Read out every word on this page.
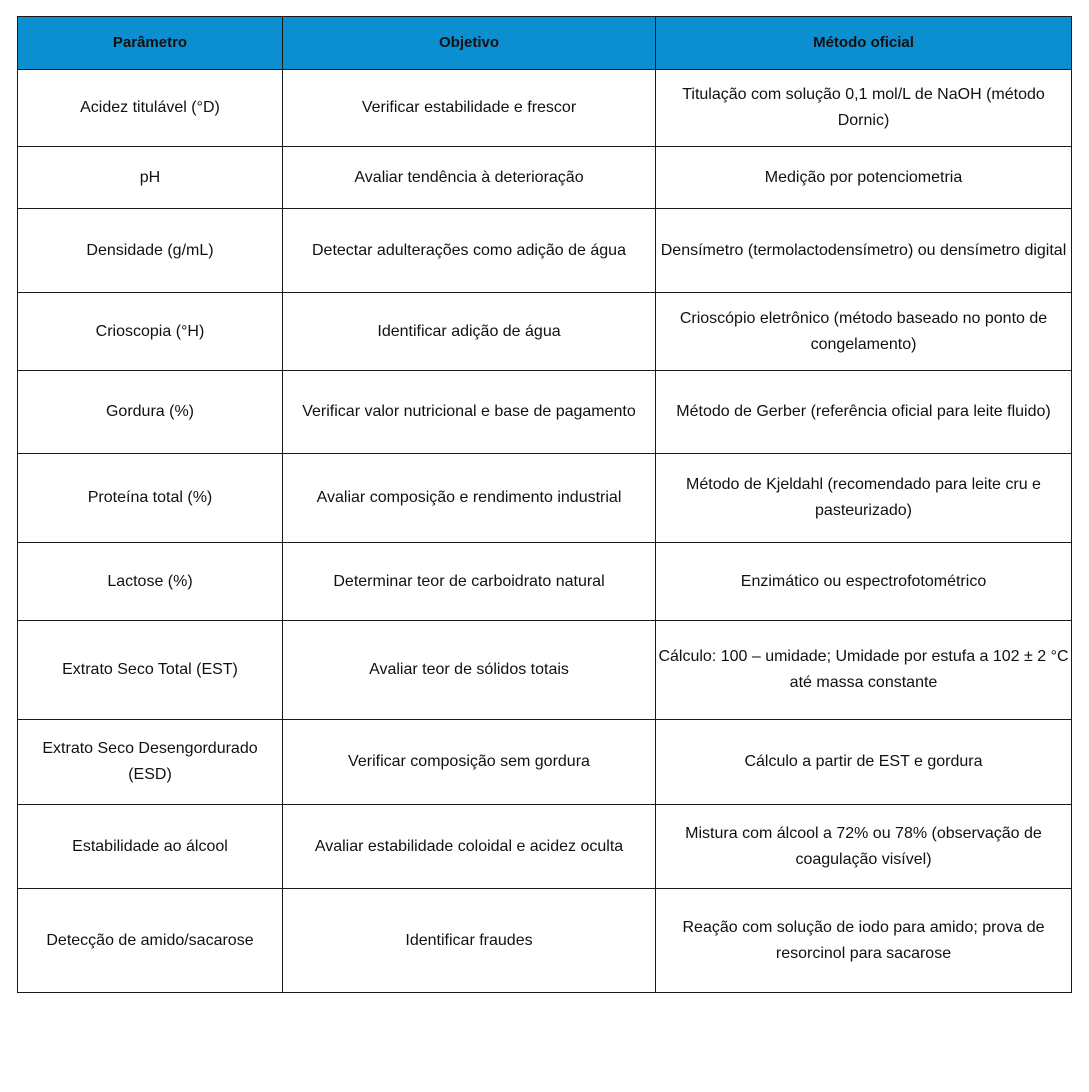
Parâmetro	Objetivo	Método oficial
Acidez titulável (°D)	Verificar estabilidade e frescor	Titulação com solução 0,1 mol/L de NaOH (método Dornic)
pH	Avaliar tendência à deterioração	Medição por potenciometria
Densidade (g/mL)	Detectar adulterações como adição de água	Densímetro (termolactodensímetro) ou densímetro digital
Crioscopia (°H)	Identificar adição de água	Crioscópio eletrônico (método baseado no ponto de congelamento)
Gordura (%)	Verificar valor nutricional e base de pagamento	Método de Gerber (referência oficial para leite fluido)
Proteína total (%)	Avaliar composição e rendimento industrial	Método de Kjeldahl (recomendado para leite cru e pasteurizado)
Lactose (%)	Determinar teor de carboidrato natural	Enzimático ou espectrofotométrico
Extrato Seco Total (EST)	Avaliar teor de sólidos totais	Cálculo: 100 – umidade; Umidade por estufa a 102 ± 2 °C até massa constante
Extrato Seco Desengordurado (ESD)	Verificar composição sem gordura	Cálculo a partir de EST e gordura
Estabilidade ao álcool	Avaliar estabilidade coloidal e acidez oculta	Mistura com álcool a 72% ou 78% (observação de coagulação visível)
Detecção de amido/sacarose	Identificar fraudes	Reação com solução de iodo para amido; prova de resorcinol para sacarose
